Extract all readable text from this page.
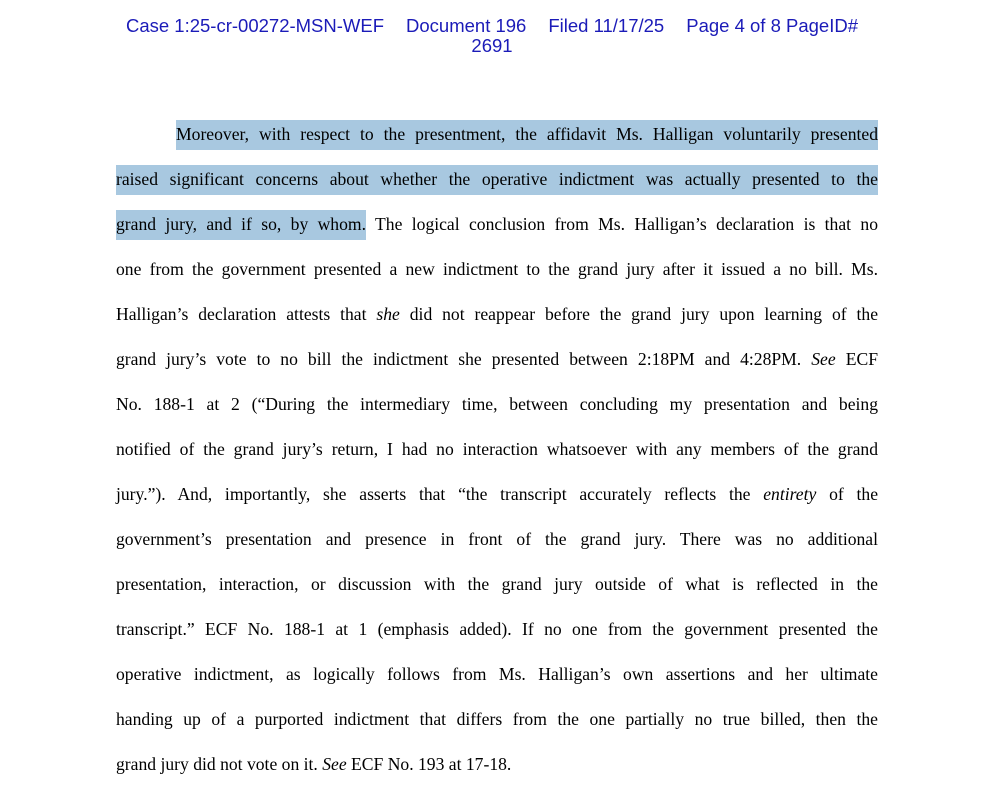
Case 1:25-cr-00272-MSN-WEF Document 196 Filed 11/17/25 Page 4 of 8 PageID#
2691
Moreover, with respect to the presentment, the affidavit Ms. Halligan voluntarily presented
raised significant concerns about whether the operative indictment was actually presented to the
grand jury, and if so, by whom. The logical conclusion from Ms. Halligan’s declaration is that no
one from the government presented a new indictment to the grand jury after it issued a no bill. Ms.
Halligan’s declaration attests that she did not reappear before the grand jury upon learning of the
grand jury’s vote to no bill the indictment she presented between 2:18PM and 4:28PM. See ECF
No. 188-1 at 2 (“During the intermediary time, between concluding my presentation and being
notified of the grand jury’s return, I had no interaction whatsoever with any members of the grand
jury.”). And, importantly, she asserts that “the transcript accurately reflects the entirety of the
government’s presentation and presence in front of the grand jury. There was no additional
presentation, interaction, or discussion with the grand jury outside of what is reflected in the
transcript.” ECF No. 188-1 at 1 (emphasis added). If no one from the government presented the
operative indictment, as logically follows from Ms. Halligan’s own assertions and her ultimate
handing up of a purported indictment that differs from the one partially no true billed, then the
grand jury did not vote on it. See ECF No. 193 at 17-18.
